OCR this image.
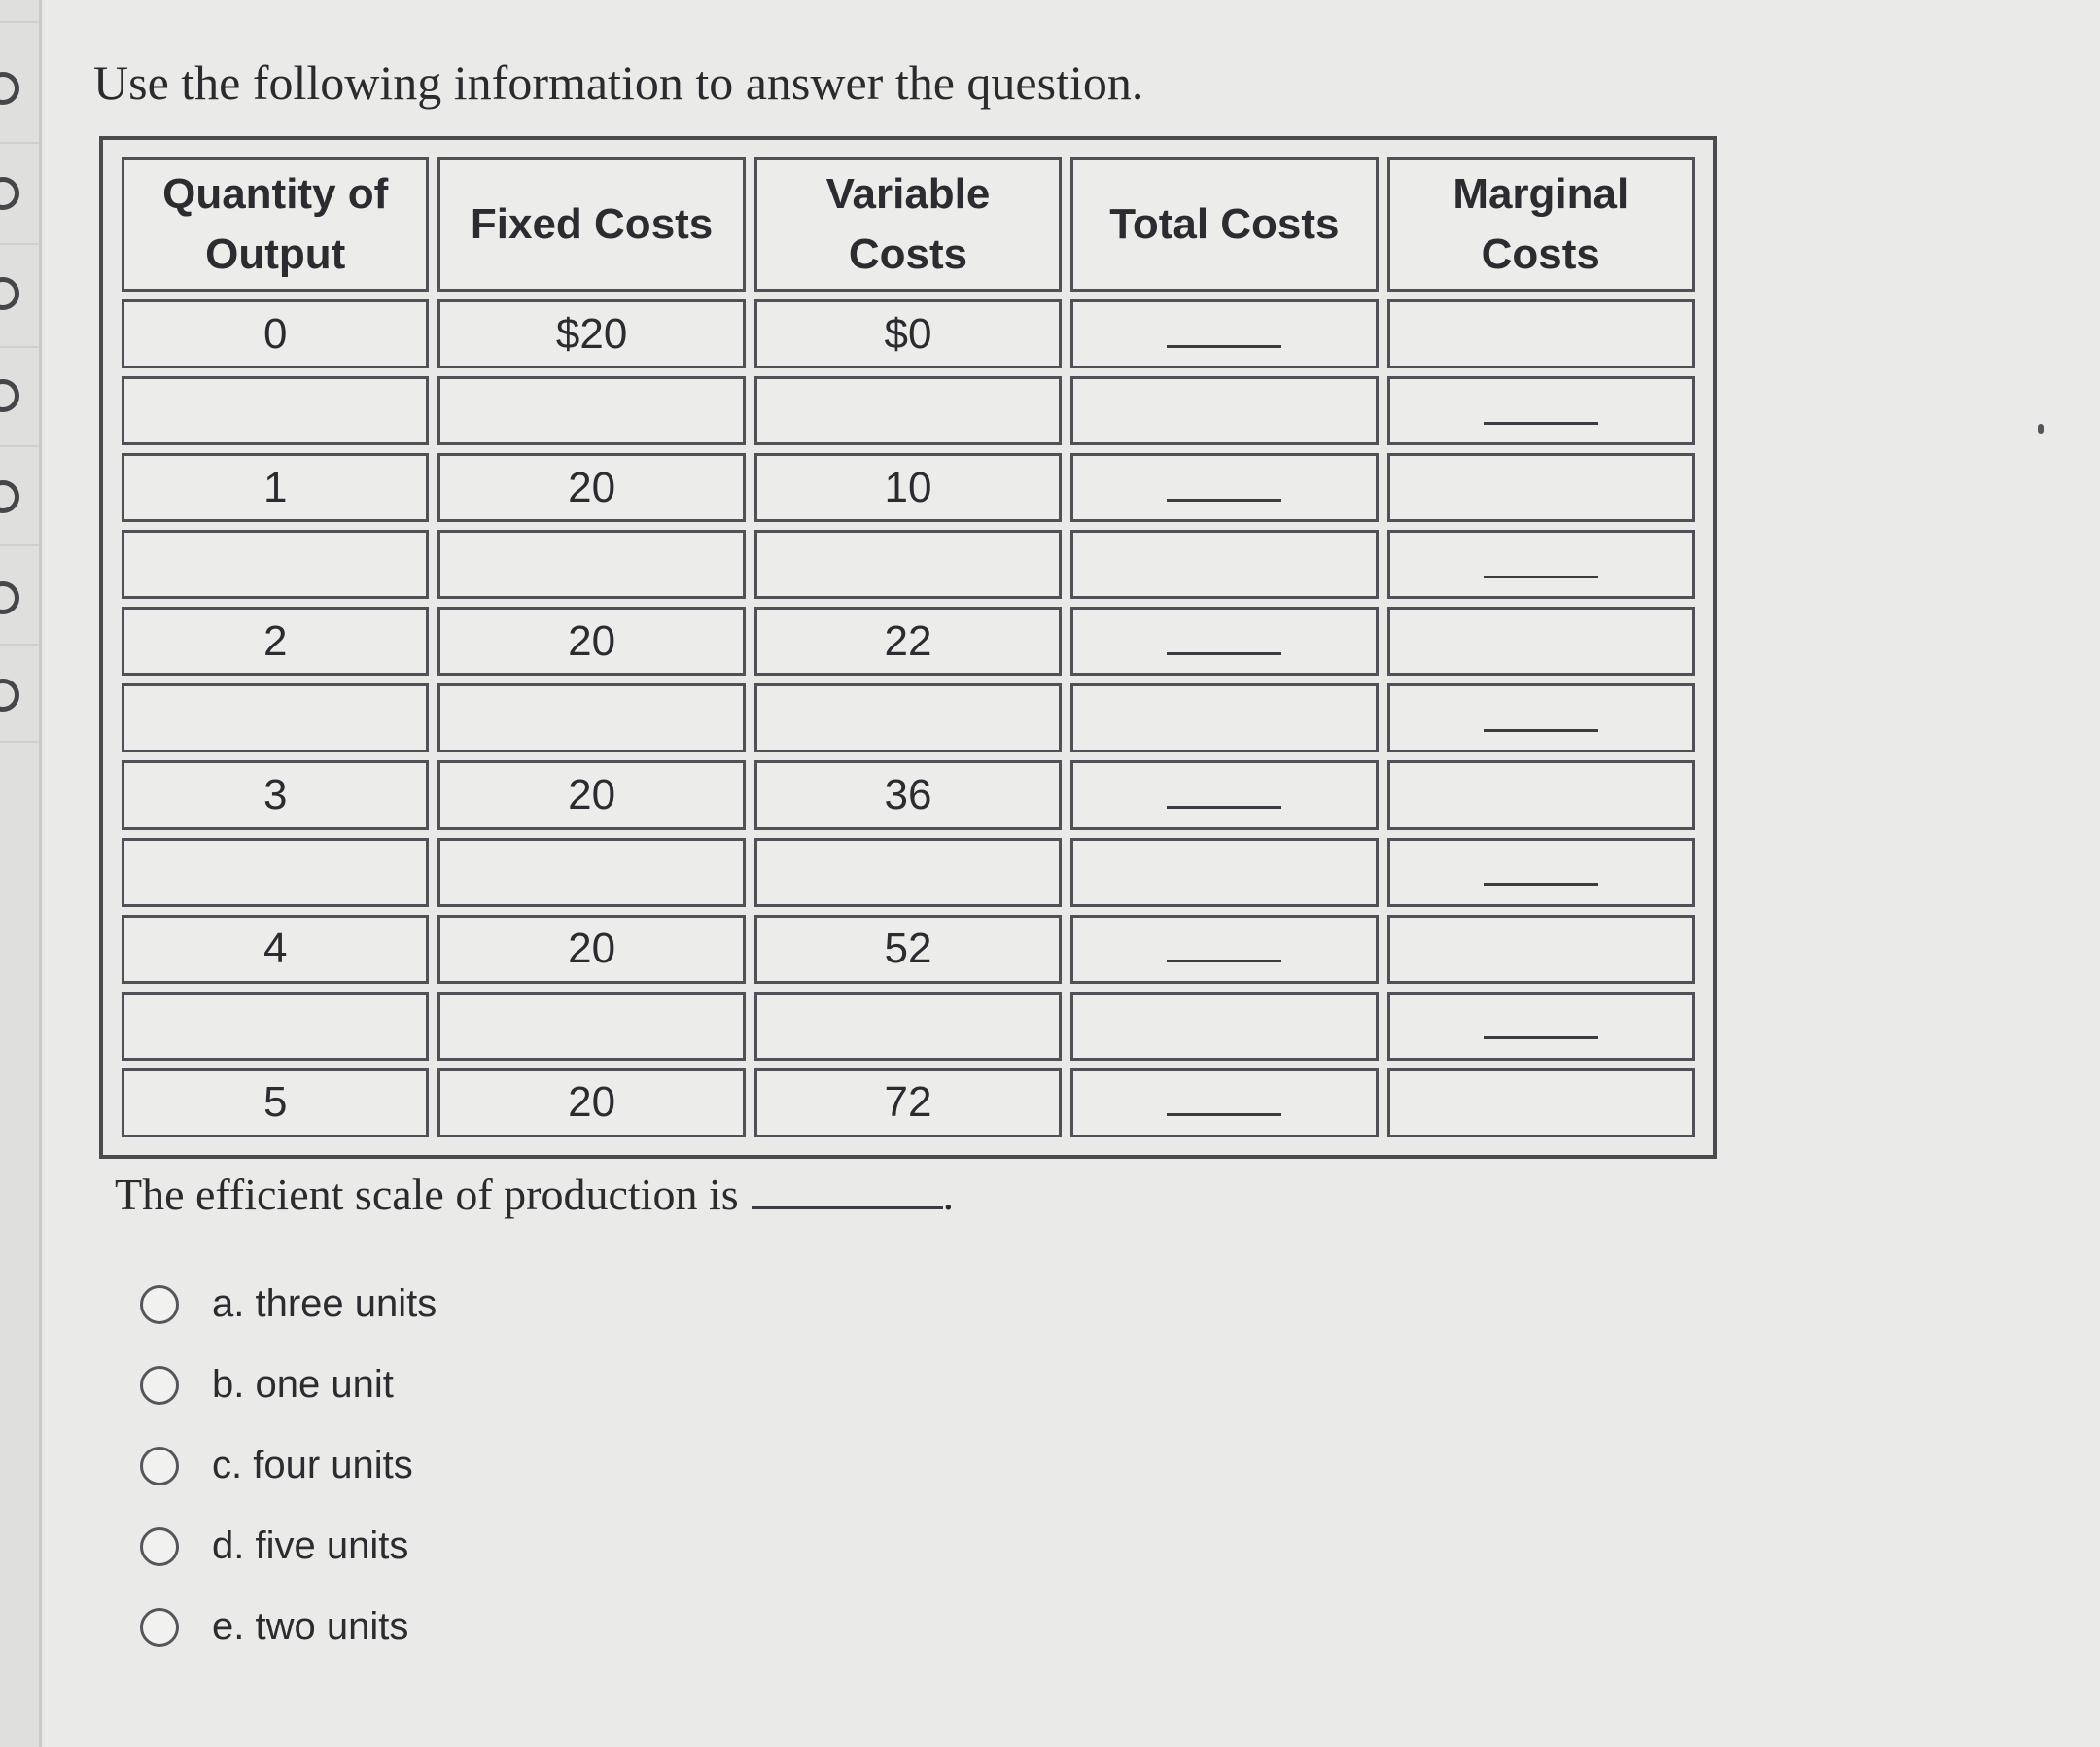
Use the following information to answer the question.
Quantity of Output	Fixed Costs	Variable Costs	Total Costs	Marginal Costs
0	$20	$0		

1	20	10		

2	20	22		

3	20	36		

4	20	52		

5	20	72		
The efficient scale of production is	.
a. three units
b. one unit
c. four units
d. five units
e. two units
